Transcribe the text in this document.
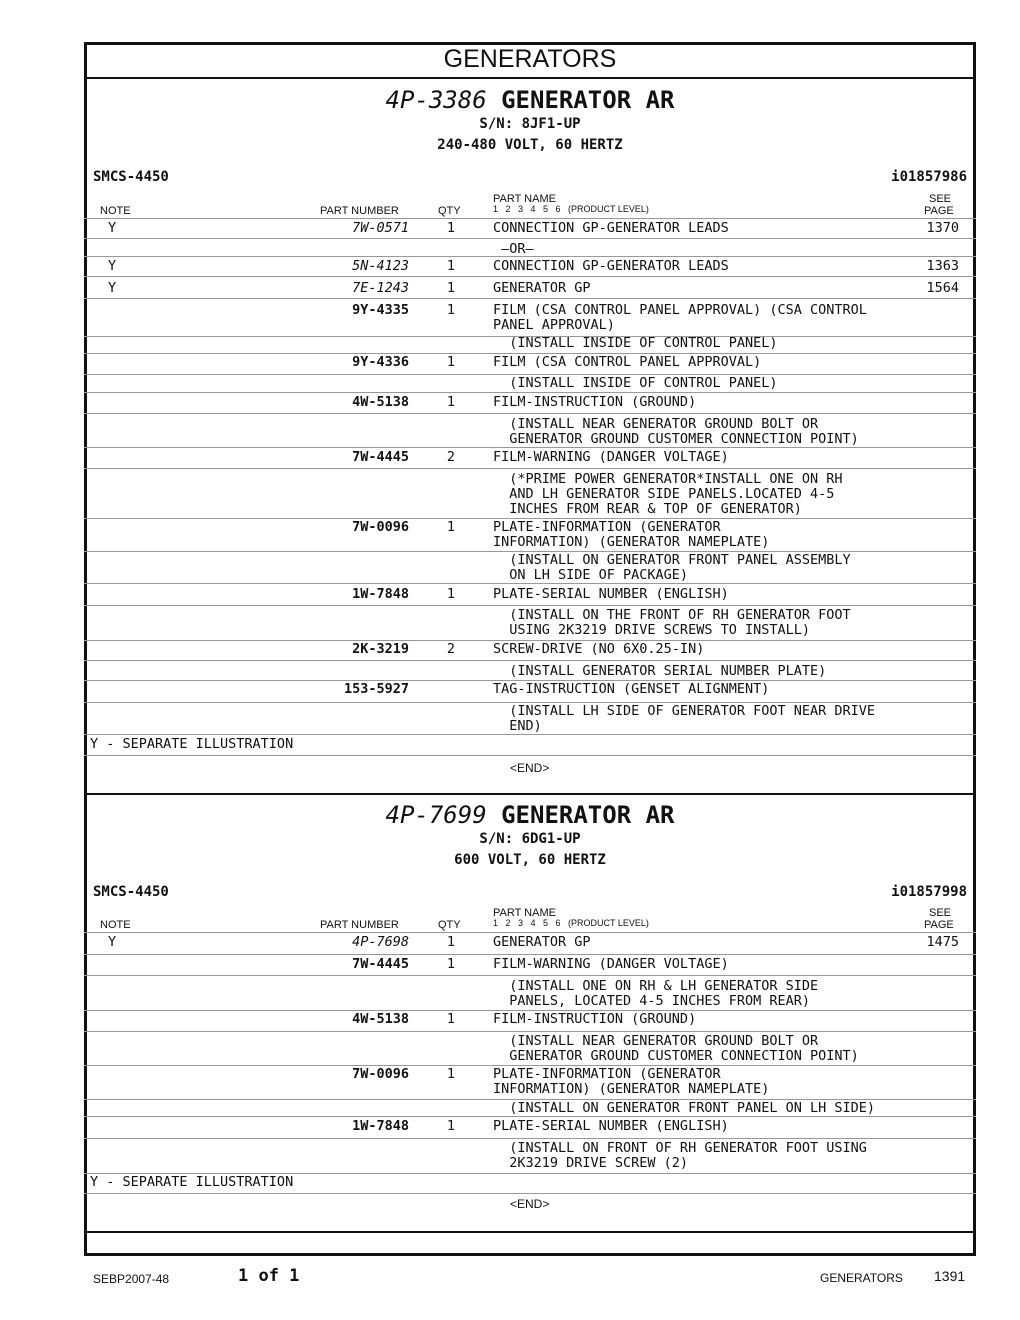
GENERATORS
4P-3386 GENERATOR AR
S/N: 8JF1-UP
240-480 VOLT, 60 HERTZ
SMCS-4450	i01857986
NOTE	PART NUMBER	QTY
PART NAME
1   2   3   4   5   6   (PRODUCT LEVEL)
SEE
PAGE
Y	7W-0571	1	CONNECTION GP-GENERATOR LEADS	1370
—OR—
Y	5N-4123	1	CONNECTION GP-GENERATOR LEADS	1363
Y	7E-1243	1	GENERATOR GP	1564
9Y-4335	1	FILM (CSA CONTROL PANEL APPROVAL) (CSA CONTROL
PANEL APPROVAL)
(INSTALL INSIDE OF CONTROL PANEL)
9Y-4336	1	FILM (CSA CONTROL PANEL APPROVAL)
(INSTALL INSIDE OF CONTROL PANEL)
4W-5138	1	FILM-INSTRUCTION (GROUND)
(INSTALL NEAR GENERATOR GROUND BOLT OR
GENERATOR GROUND CUSTOMER CONNECTION POINT)
7W-4445	2	FILM-WARNING (DANGER VOLTAGE)
(*PRIME POWER GENERATOR*INSTALL ONE ON RH
AND LH GENERATOR SIDE PANELS.LOCATED 4-5
INCHES FROM REAR & TOP OF GENERATOR)
7W-0096	1	PLATE-INFORMATION (GENERATOR
INFORMATION) (GENERATOR NAMEPLATE)
(INSTALL ON GENERATOR FRONT PANEL ASSEMBLY
ON LH SIDE OF PACKAGE)
1W-7848	1	PLATE-SERIAL NUMBER (ENGLISH)
(INSTALL ON THE FRONT OF RH GENERATOR FOOT
USING 2K3219 DRIVE SCREWS TO INSTALL)
2K-3219	2	SCREW-DRIVE (NO 6X0.25-IN)
(INSTALL GENERATOR SERIAL NUMBER PLATE)
153-5927	TAG-INSTRUCTION (GENSET ALIGNMENT)
(INSTALL LH SIDE OF GENERATOR FOOT NEAR DRIVE
END)
Y - SEPARATE ILLUSTRATION
<END>
4P-7699 GENERATOR AR
S/N: 6DG1-UP
600 VOLT, 60 HERTZ
SMCS-4450	i01857998
NOTE	PART NUMBER	QTY
PART NAME
1   2   3   4   5   6   (PRODUCT LEVEL)
SEE
PAGE
Y	4P-7698	1	GENERATOR GP	1475
7W-4445	1	FILM-WARNING (DANGER VOLTAGE)
(INSTALL ONE ON RH & LH GENERATOR SIDE
PANELS, LOCATED 4-5 INCHES FROM REAR)
4W-5138	1	FILM-INSTRUCTION (GROUND)
(INSTALL NEAR GENERATOR GROUND BOLT OR
GENERATOR GROUND CUSTOMER CONNECTION POINT)
7W-0096	1	PLATE-INFORMATION (GENERATOR
INFORMATION) (GENERATOR NAMEPLATE)
(INSTALL ON GENERATOR FRONT PANEL ON LH SIDE)
1W-7848	1	PLATE-SERIAL NUMBER (ENGLISH)
(INSTALL ON FRONT OF RH GENERATOR FOOT USING
2K3219 DRIVE SCREW (2)
Y - SEPARATE ILLUSTRATION
<END>
SEBP2007-48	1 of 1	GENERATORS 1391
